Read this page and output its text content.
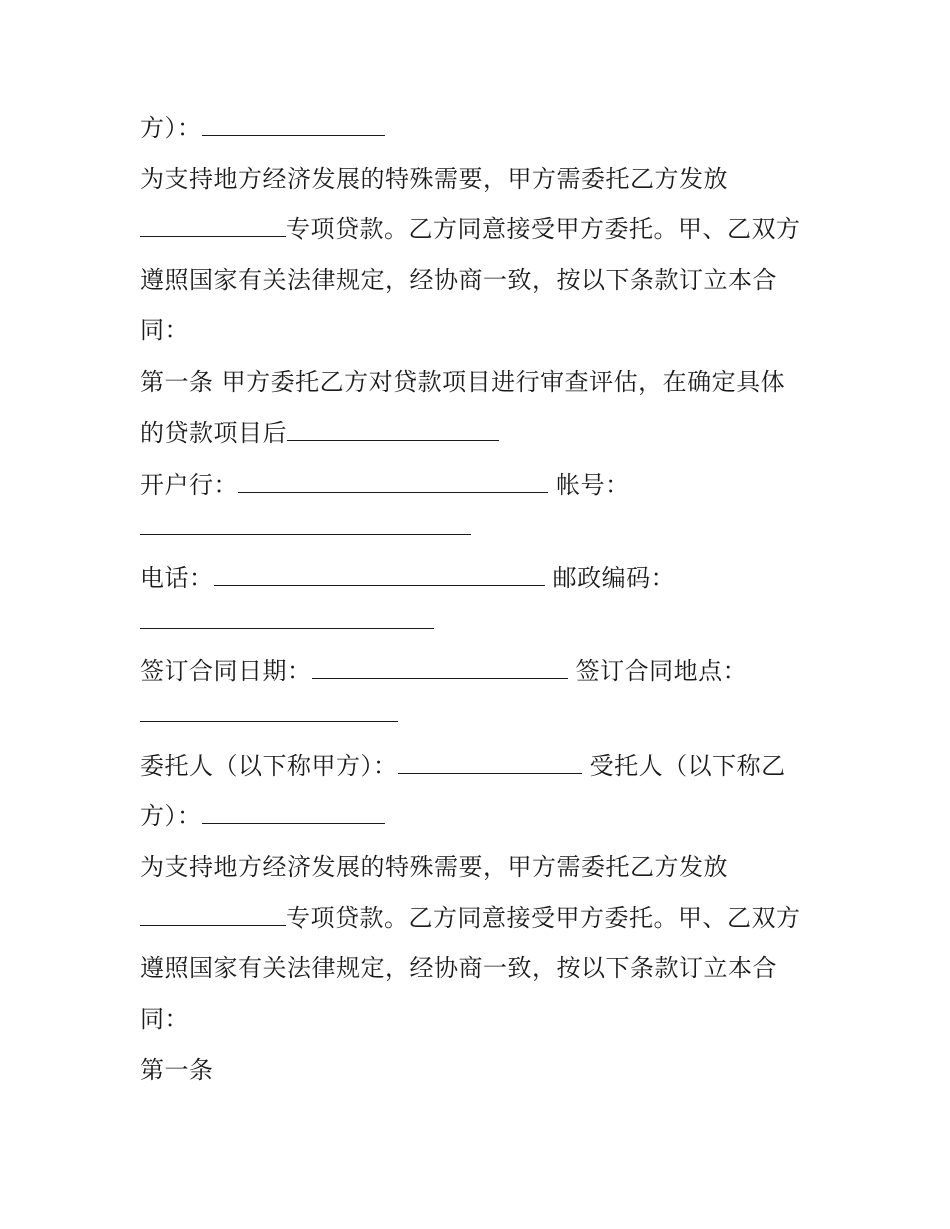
方）：
为支持地方经济发展的特殊需要，甲方需委托乙方发放
专项贷款。乙方同意接受甲方委托。甲、乙双方
遵照国家有关法律规定，经协商一致，按以下条款订立本合
同：
第一条 甲方委托乙方对贷款项目进行审查评估，在确定具体
的贷款项目后
开户行：	帐号：
电话：	邮政编码：
签订合同日期：	签订合同地点：
委托人（以下称甲方）：	受托人（以下称乙
方）：
为支持地方经济发展的特殊需要，甲方需委托乙方发放
专项贷款。乙方同意接受甲方委托。甲、乙双方
遵照国家有关法律规定，经协商一致，按以下条款订立本合
同：
第一条
